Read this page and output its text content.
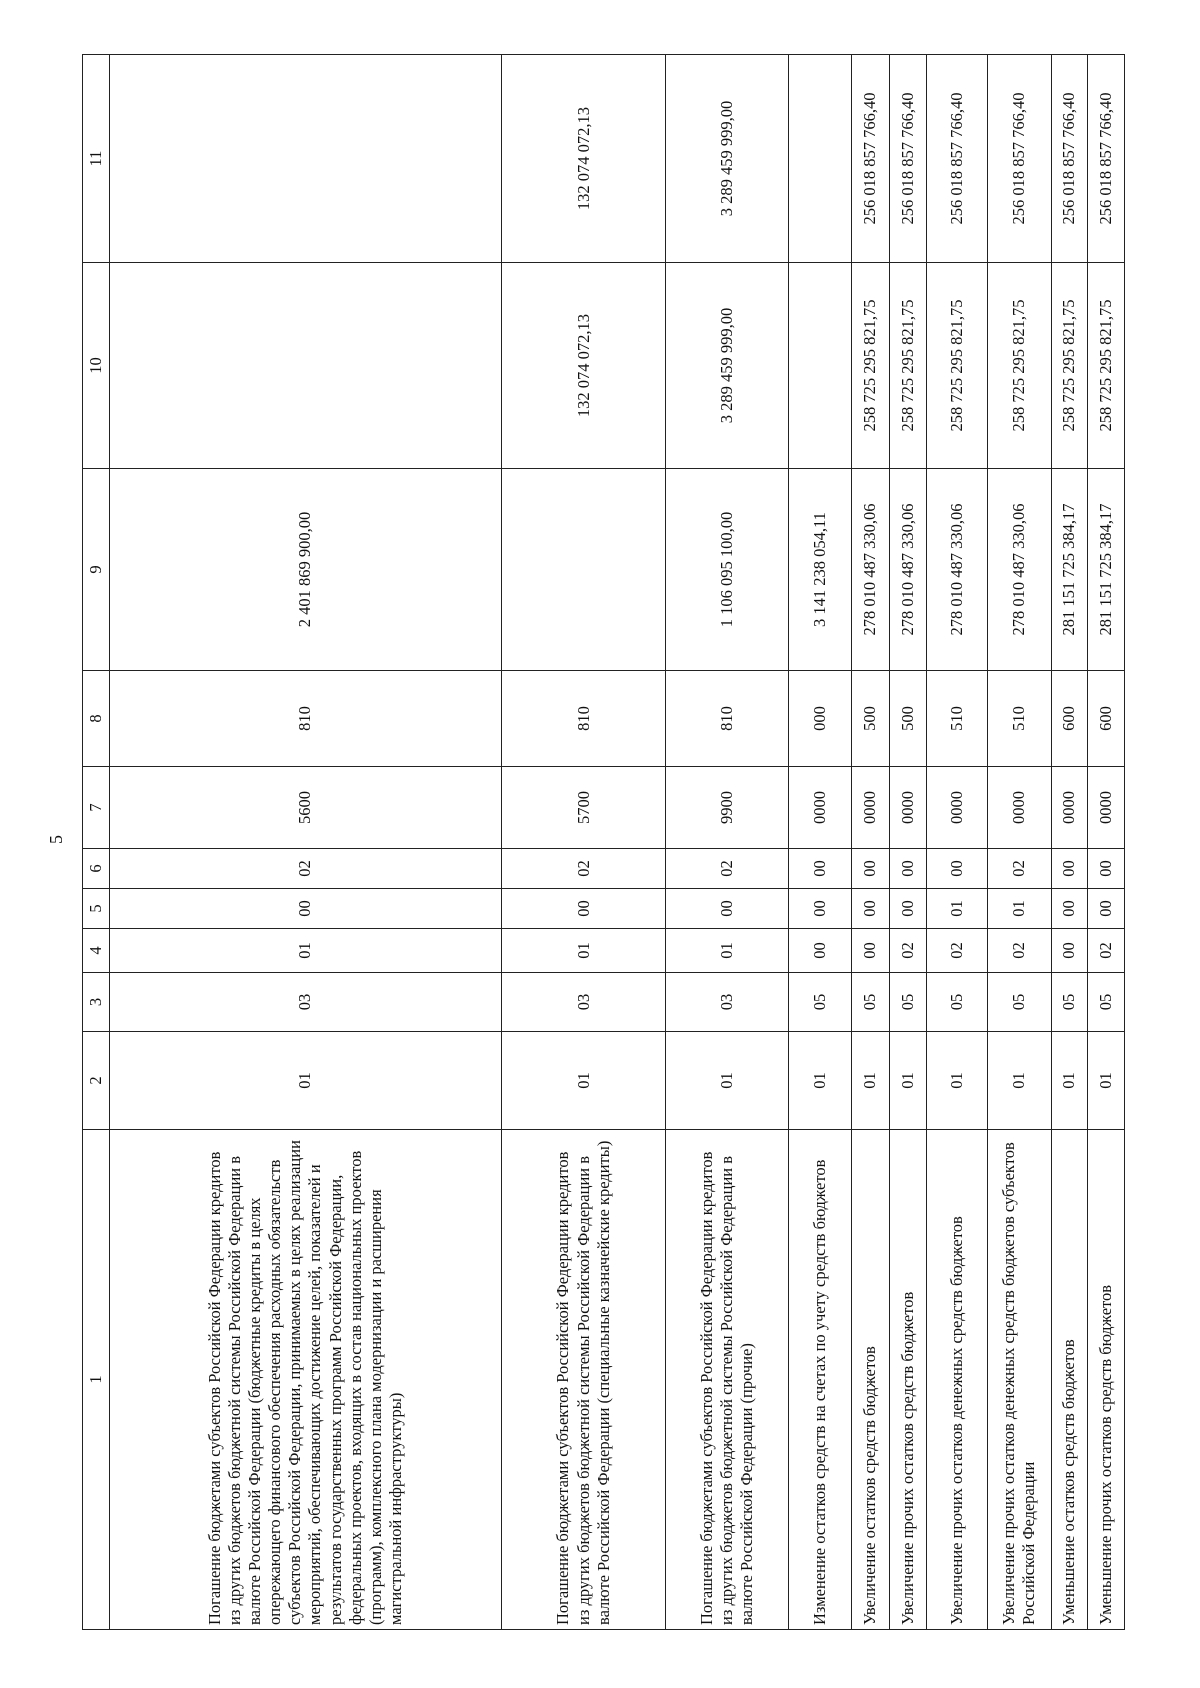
5
1	2	3	4	5	6	7	8	9	10	11
Погашение бюджетами субъектов Российской Федерации кредитов из других бюджетов бюджетной системы Российской Федерации в валюте Российской Федерации (бюджетные кредиты в целях опережающего финансового обеспечения расходных обязательств субъектов Российской Федерации, принимаемых в целях реализации мероприятий, обеспечивающих достижение целей, показателей и результатов государственных программ Российской Федерации, федеральных проектов, входящих в состав национальных проектов (программ), комплексного плана модернизации и расширения магистральной инфраструктуры)	01	03	01	00	02	5600	810	2 401 869 900,00		
Погашение бюджетами субъектов Российской Федерации кредитов из других бюджетов бюджетной системы Российской Федерации в валюте Российской Федерации (специальные казначейские кредиты)	01	03	01	00	02	5700	810		132 074 072,13	132 074 072,13
Погашение бюджетами субъектов Российской Федерации кредитов из других бюджетов бюджетной системы Российской Федерации в валюте Российской Федерации (прочие)	01	03	01	00	02	9900	810	1 106 095 100,00	3 289 459 999,00	3 289 459 999,00
Изменение остатков средств на счетах по учету средств бюджетов	01	05	00	00	00	0000	000	3 141 238 054,11		
Увеличение остатков средств бюджетов	01	05	00	00	00	0000	500	278 010 487 330,06	258 725 295 821,75	256 018 857 766,40
Увеличение прочих остатков средств бюджетов	01	05	02	00	00	0000	500	278 010 487 330,06	258 725 295 821,75	256 018 857 766,40
Увеличение прочих остатков денежных средств бюджетов	01	05	02	01	00	0000	510	278 010 487 330,06	258 725 295 821,75	256 018 857 766,40
Увеличение прочих остатков денежных средств бюджетов субъектов Российской Федерации	01	05	02	01	02	0000	510	278 010 487 330,06	258 725 295 821,75	256 018 857 766,40
Уменьшение остатков средств бюджетов	01	05	00	00	00	0000	600	281 151 725 384,17	258 725 295 821,75	256 018 857 766,40
Уменьшение прочих остатков средств бюджетов	01	05	02	00	00	0000	600	281 151 725 384,17	258 725 295 821,75	256 018 857 766,40
